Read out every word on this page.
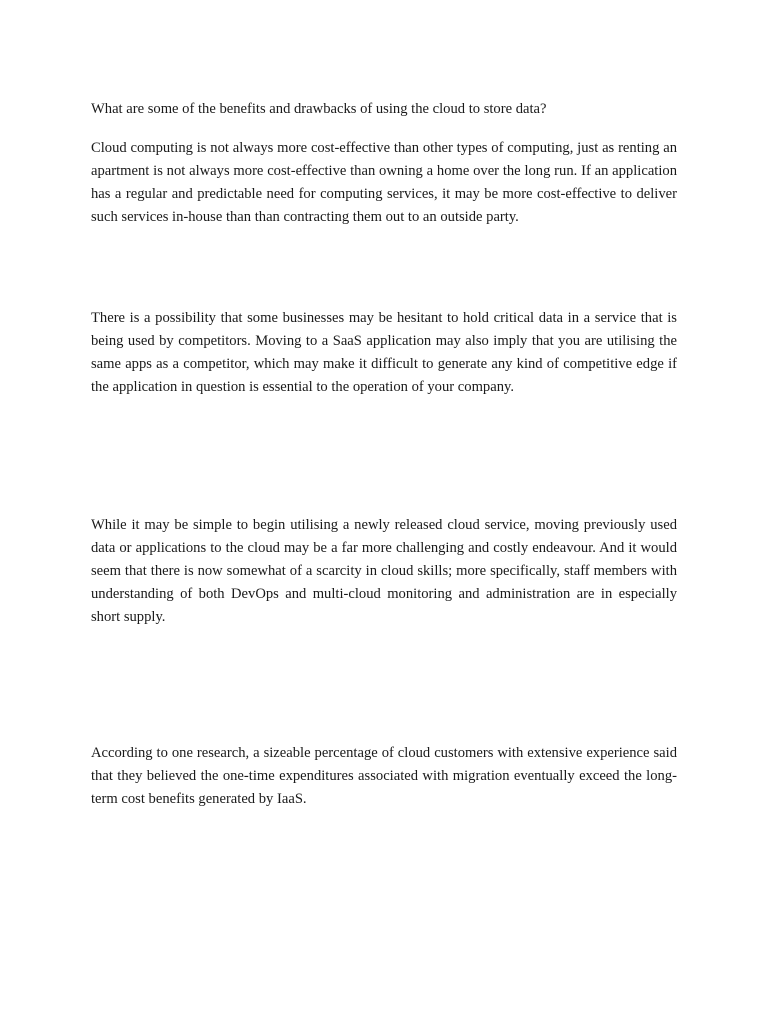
What are some of the benefits and drawbacks of using the cloud to store data?

Cloud computing is not always more cost-effective than other types of computing, just as renting an apartment is not always more cost-effective than owning a home over the long run. If an application has a regular and predictable need for computing services, it may be more cost-effective to deliver such services in-house than than contracting them out to an outside party.

There is a possibility that some businesses may be hesitant to hold critical data in a service that is being used by competitors. Moving to a SaaS application may also imply that you are utilising the same apps as a competitor, which may make it difficult to generate any kind of competitive edge if the application in question is essential to the operation of your company.

While it may be simple to begin utilising a newly released cloud service, moving previously used data or applications to the cloud may be a far more challenging and costly endeavour. And it would seem that there is now somewhat of a scarcity in cloud skills; more specifically, staff members with understanding of both DevOps and multi-cloud monitoring and administration are in especially short supply.

According to one research, a sizeable percentage of cloud customers with extensive experience said that they believed the one-time expenditures associated with migration eventually exceed the long-term cost benefits generated by IaaS.
